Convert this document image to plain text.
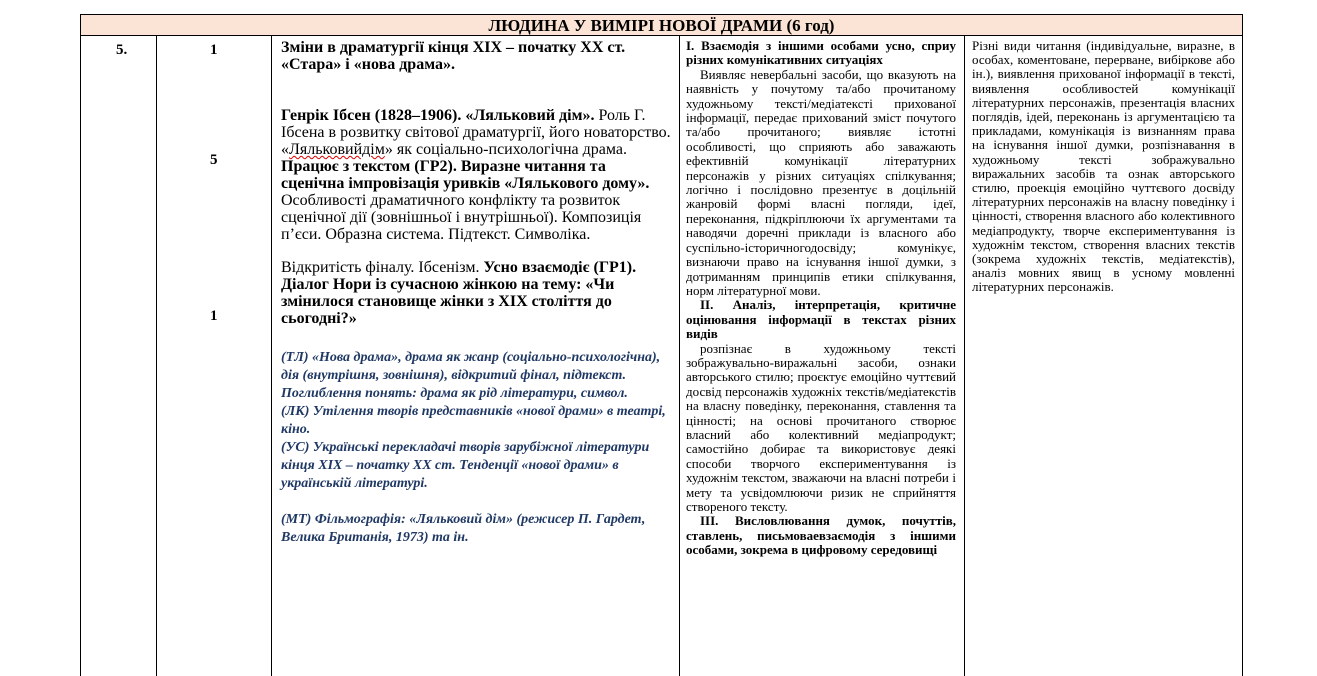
ЛЮДИНА У ВИМІРІ НОВОЇ ДРАМИ (6 год)
5.	1
5
1

Зміни в драматургії кінця ХІХ – початку ХХ ст. «Стара» і «нова драма».

Генрік Ібсен (1828–1906). «Ляльковий дім». Роль Г. Ібсена в розвитку світової драматургії, його новаторство. «Ляльковийдім» як соціально-психологічна драма. Працює з текстом (ГР2). Виразне читання та сценічна імпровізація уривків «Лялькового дому». Особливості драматичного конфлікту та розвиток сценічної дії (зовнішньої і внутрішньої). Композиція п’єси. Образна система. Підтекст. Символіка.

Відкритість фіналу. Ібсенізм. Усно взаємодіє (ГР1). Діалог Нори із сучасною жінкою на тему: «Чи змінилося становище жінки з ХІХ століття до сьогодні?»

(ТЛ) «Нова драма», драма як жанр (соціально-психологічна), дія (внутрішня, зовнішня), відкритий фінал, підтекст. Поглиблення понять: драма як рід літератури, символ.

(ЛК) Утілення творів представників «нової драми» в театрі, кіно.

(УС) Українські перекладачі творів зарубіжної літератури кінця ХІХ – початку ХХ ст. Тенденції «нової драми» в українській літературі.

(МТ) Фільмографія: «Ляльковий дім» (режисер П. Гардет, Велика Британія, 1973) та ін.

І. Взаємодія з іншими особами усно, сприу різних комунікативних ситуаціях

Виявляє невербальні засоби, що вказують на наявність у почутому та/або прочитаному художньому тексті/медіатексті прихованої інформації, передає прихований зміст почутого та/або прочитаного; виявляє істотні особливості, що сприяють або заважають ефективній комунікації літературних персонажів у різних ситуаціях спілкування; логічно і послідовно презентує в доцільній жанровій формі власні погляди, ідеї, переконання, підкріплюючи їх аргументами та наводячи доречні приклади із власного або суспільно-історичногодосвіду; комунікує, визнаючи право на існування іншої думки, з дотриманням принципів етики спілкування, норм літературної мови.

ІІ. Аналіз, інтерпретація, критичне оцінювання інформації в текстах різних видів

розпізнає в художньому тексті зображувально-виражальні засоби, ознаки авторського стилю; проєктує емоційно чуттєвий досвід персонажів художніх текстів/медіатекстів на власну поведінку, переконання, ставлення та цінності; на основі прочитаного створює власний або колективний медіапродукт; самостійно добирає та використовує деякі способи творчого експериментування із художнім текстом, зважаючи на власні потреби і мету та усвідомлюючи ризик не сприйняття створеного тексту.

ІІІ. Висловлювання думок, почуттів, ставлень, письмоваевзаємодія з іншими особами, зокрема в цифровому середовищі

Різні види читання (індивідуальне, виразне, в особах, коментоване, перерване, вибіркове або ін.), виявлення прихованої інформації в тексті, виявлення особливостей комунікації літературних персонажів, презентація власних поглядів, ідей, переконань із аргументацією та прикладами, комунікація із визнанням права на існування іншої думки, розпізнавання в художньому тексті зображувально виражальних засобів та ознак авторського стилю, проекція емоційно чуттєвого досвіду літературних персонажів на власну поведінку і цінності, створення власного або колективного медіапродукту, творче експериментування із художнім текстом, створення власних текстів (зокрема художніх текстів, медіатекстів), аналіз мовних явищ в усному мовленні літературних персонажів.
